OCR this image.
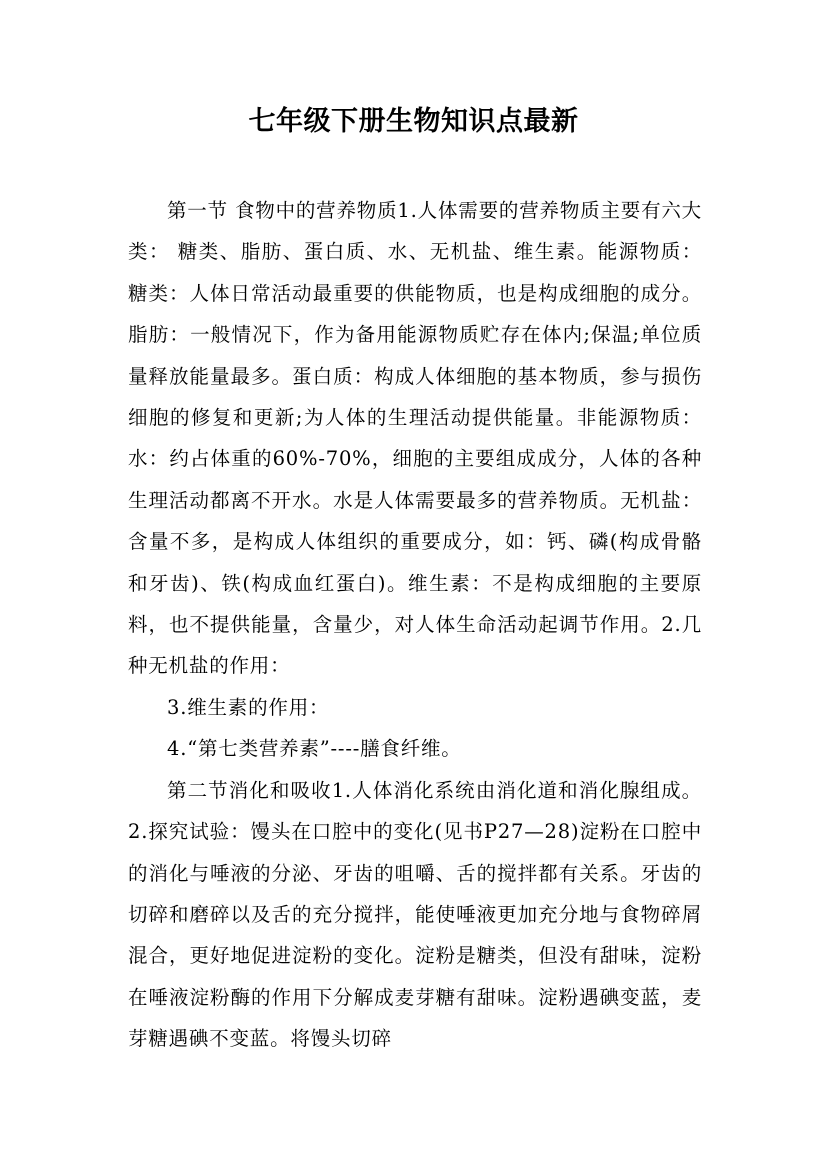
七年级下册生物知识点最新

第一节 食物中的营养物质1.人体需要的营养物质主要有六大类： 糖类、脂肪、蛋白质、水、无机盐、维生素。能源物质：糖类：人体日常活动最重要的供能物质，也是构成细胞的成分。脂肪：一般情况下，作为备用能源物质贮存在体内;保温;单位质量释放能量最多。蛋白质：构成人体细胞的基本物质，参与损伤细胞的修复和更新;为人体的生理活动提供能量。非能源物质：水：约占体重的60%-70%，细胞的主要组成成分，人体的各种生理活动都离不开水。水是人体需要最多的营养物质。无机盐：含量不多，是构成人体组织的重要成分，如：钙、磷(构成骨骼和牙齿)、铁(构成血红蛋白)。维生素：不是构成细胞的主要原料，也不提供能量，含量少，对人体生命活动起调节作用。2.几种无机盐的作用：

3.维生素的作用：

4.“第七类营养素”----膳食纤维。

第二节消化和吸收1.人体消化系统由消化道和消化腺组成。2.探究试验：馒头在口腔中的变化(见书P27—28)淀粉在口腔中的消化与唾液的分泌、牙齿的咀嚼、舌的搅拌都有关系。牙齿的切碎和磨碎以及舌的充分搅拌，能使唾液更加充分地与食物碎屑混合，更好地促进淀粉的变化。淀粉是糖类，但没有甜味，淀粉在唾液淀粉酶的作用下分解成麦芽糖有甜味。淀粉遇碘变蓝，麦芽糖遇碘不变蓝。将馒头切碎
